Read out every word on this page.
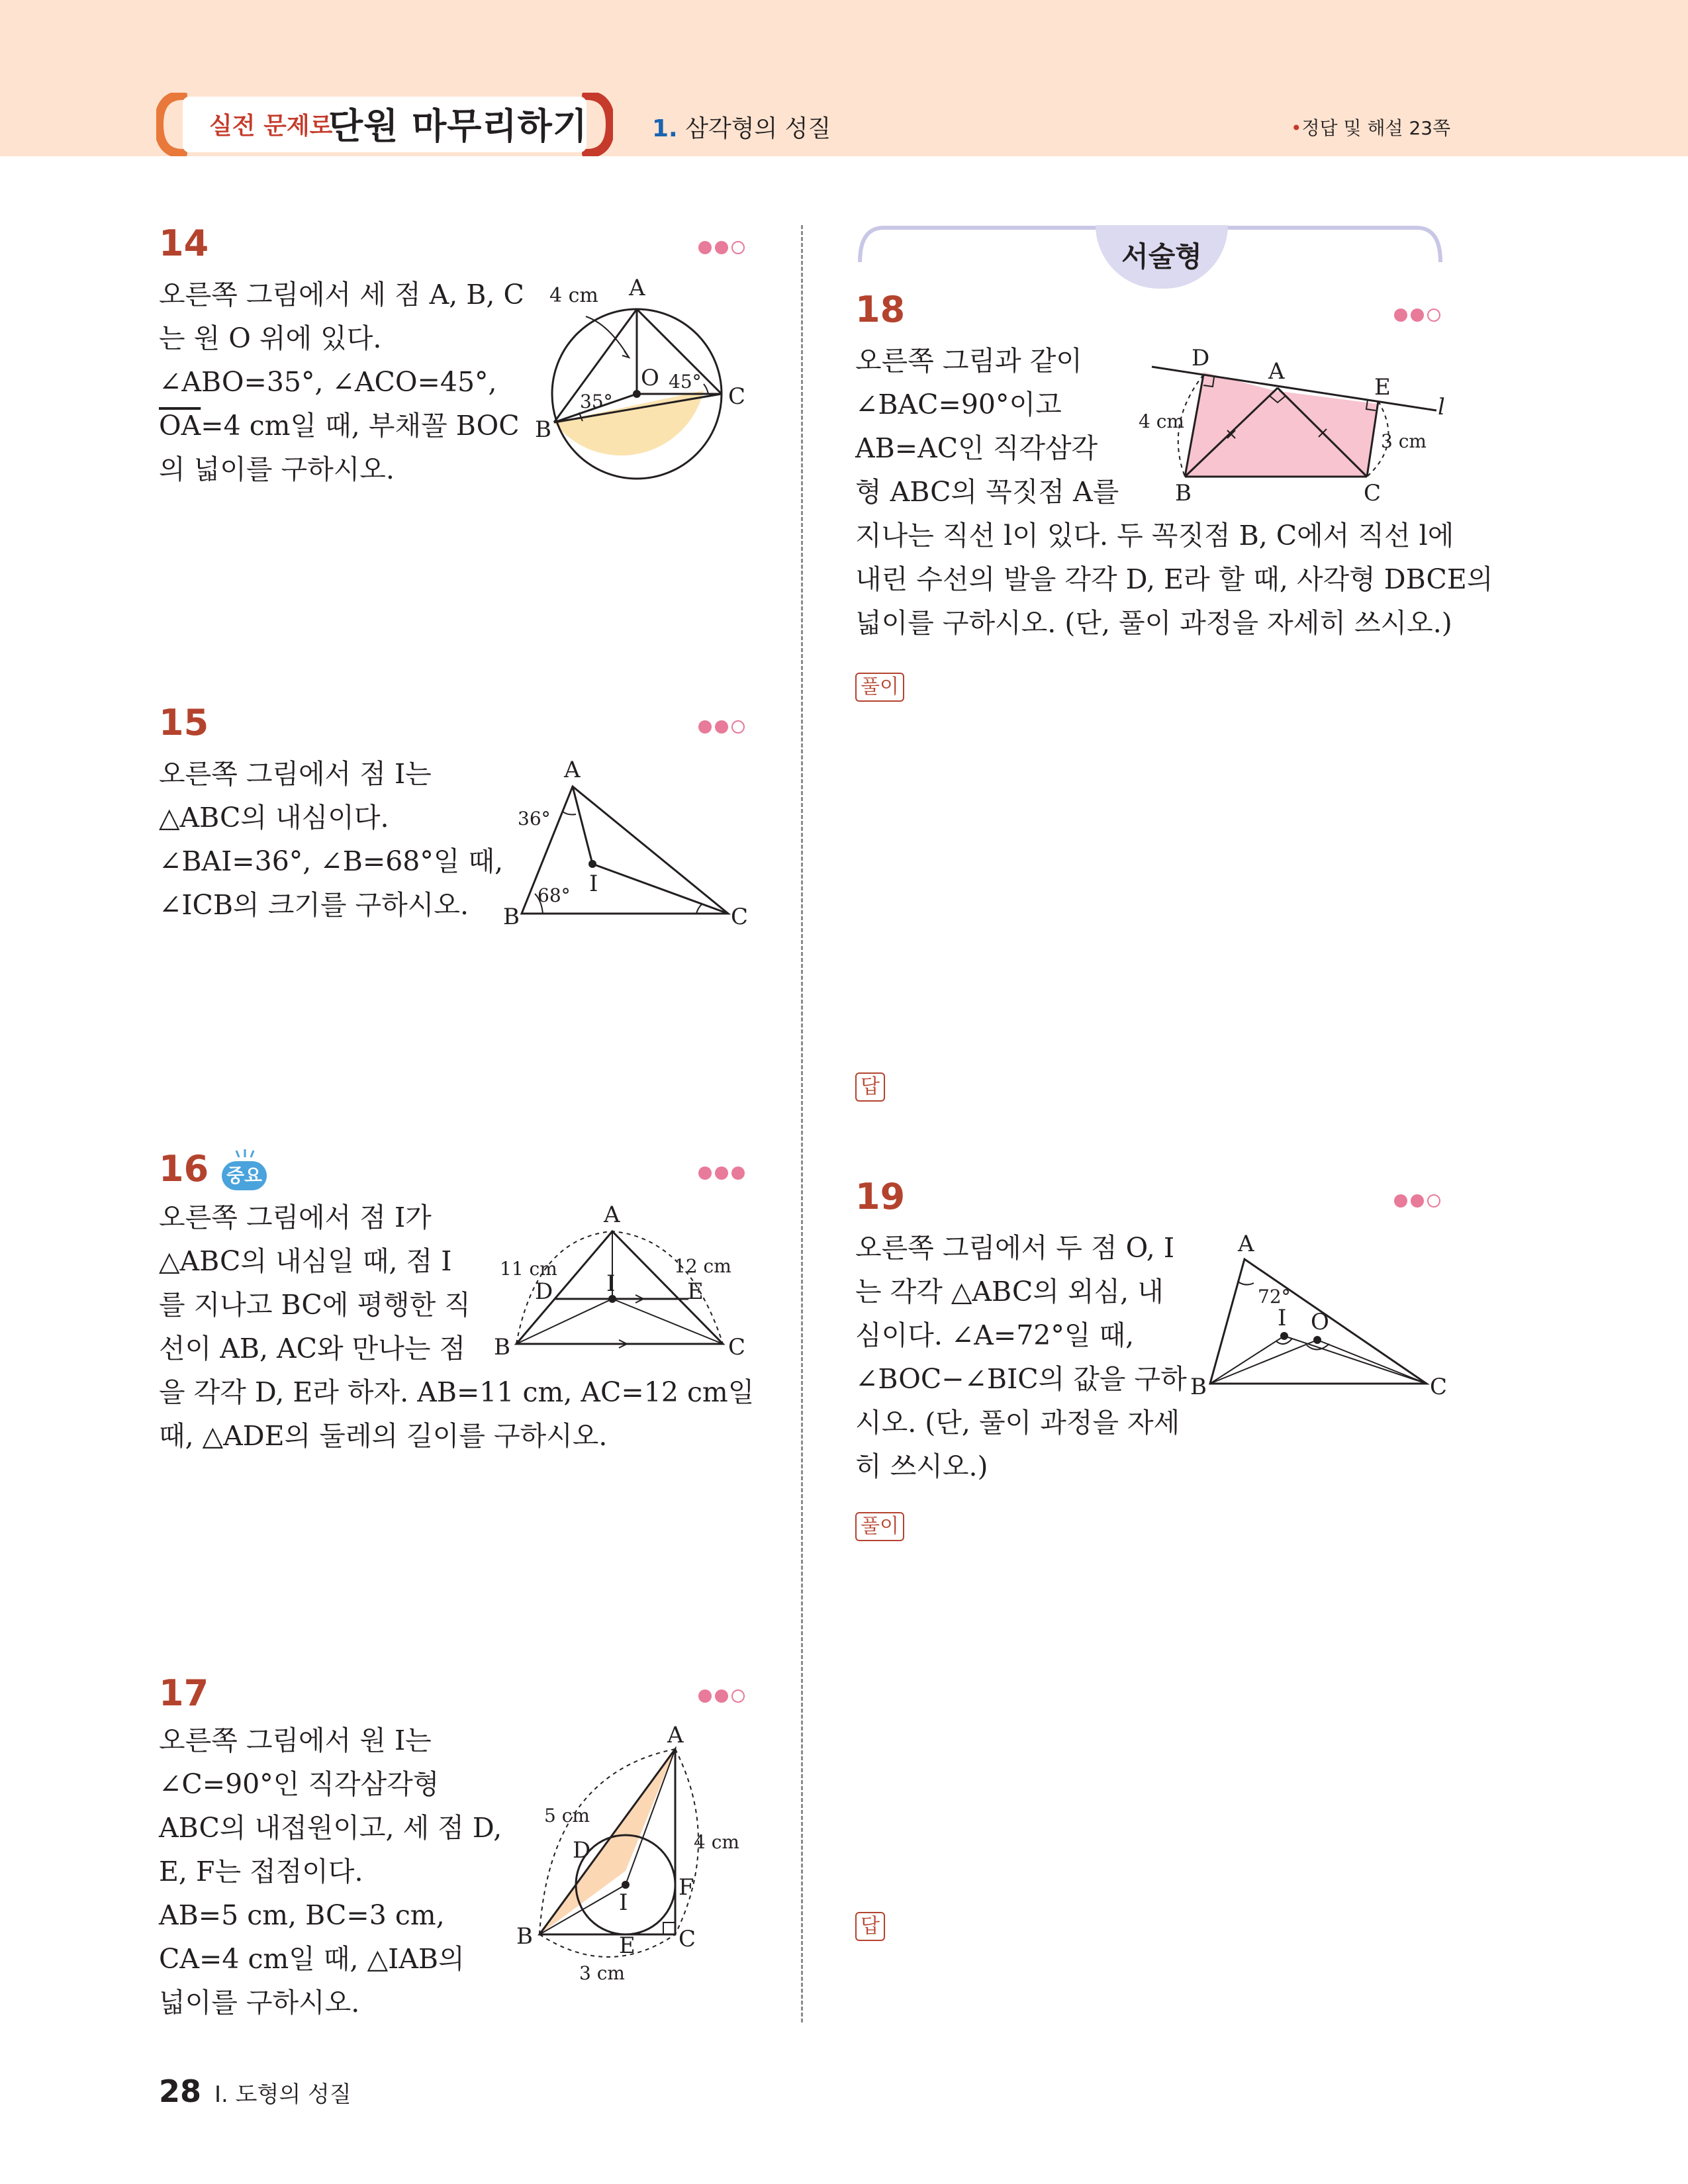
실전 문제로
단원 마무리하기	1. 삼각형의 성질	•정답 및 해설 23쪽
14
오른쪽 그림에서 세 점 A, B, C
는 원 O 위에 있다.
∠ABO=35°, ∠ACO=45°,
$\overline{OA}=4$ cm일 때, 부채꼴 BOC
의 넓이를 구하시오.
4 cm A
B
C
O
35°
45°
15
오른쪽 그림에서 점 I는
△ABC의 내심이다.
∠BAI=36°, ∠B=68°일 때,
∠ICB의 크기를 구하시오.
A
B	C
I
36°
68°
16 중요
오른쪽 그림에서 점 I가
△ABC의 내심일 때, 점 I
를 지나고 BC에 평행한 직
선이 AB, AC와 만나는 점
을 각각 D, E라 하자. AB=11 cm, AC=12 cm일
때, △ADE의 둘레의 길이를 구하시오.
A
B	C
D	E
I
11 cm	12 cm
17
오른쪽 그림에서 원 I는
∠C=90°인 직각삼각형
ABC의 내접원이고, 세 점 D,
E, F는 접점이다.
AB=5 cm, BC=3 cm,
CA=4 cm일 때, △IAB의
넓이를 구하시오.
A
B	C
D
E
F
I
5 cm
4 cm
3 cm
서술형
18
오른쪽 그림과 같이
∠BAC=90°이고
AB=AC인 직각삼각
형 ABC의 꼭짓점 A를
지나는 직선 l이 있다. 두 꼭짓점 B, C에서 직선 l에
내린 수선의 발을 각각 D, E라 할 때, 사각형 DBCE의
넓이를 구하시오. (단, 풀이 과정을 자세히 쓰시오.)
D	A
E
l
B	C
4 cm
3 cm
풀이
답
19
오른쪽 그림에서 두 점 O, I
는 각각 △ABC의 외심, 내
심이다. ∠A=72°일 때,
∠BOC−∠BIC의 값을 구하
시오. (단, 풀이 과정을 자세
히 쓰시오.)
A
B	C
I O
72°
풀이
답
28 I. 도형의 성질
